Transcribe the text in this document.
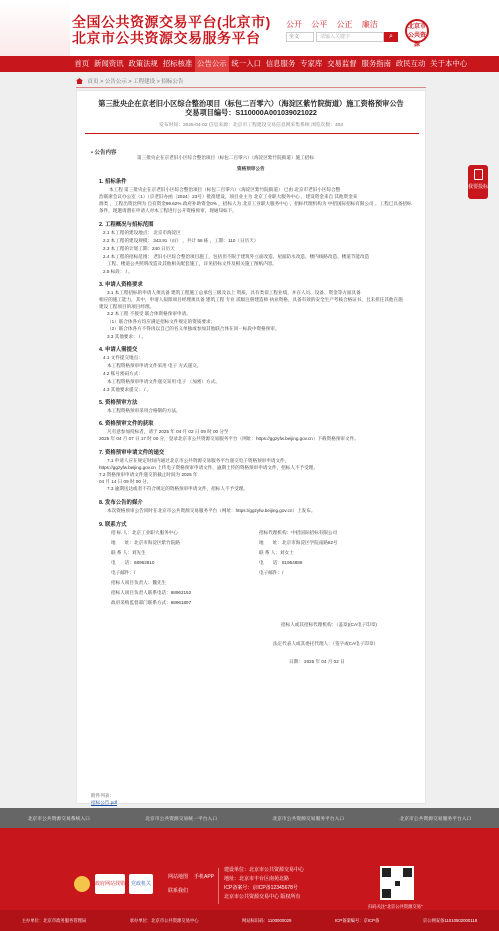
全国公共资源交易平台(北京市)
北京市公共资源交易服务平台
公开 公平 公正 廉洁
全文	请输入关键字	⌕
北京市 公共资源
首页 新闻资讯 政策法规 招标核准 公告公示 统一入口 信息服务 专家库 交易监督 服务指南 政民互动 关于本中心
首页 > 公告公示 > 工程建设 > 招标公告
第三批央企在京老旧小区综合整治项目（标包二百零六）（海淀区紫竹院街道）施工资格预审公告
交易项目编号：S110000A001039021022
发布时间：2025-04-02 信息来源：北京市工程建设交易信息网采集系统 浏览次数：403
• 公告内容
第三批央企在京老旧小区综合整治项目（标包二百零六）（海淀区紫竹院街道）施工招标
资格预审公告
1. 招标条件
本工程 第三批央企在京老旧小区综合整治项目（标包二百零六）（海淀区紫竹院街道） 已由 北京市老旧小区综合整
治联席会议办公室（1）（京老旧办函〔2024〕23号）批准建设，项目业主为 北京工业职大服务中心 ，建设资金来自 其他资金来
源类 ，工程出资比例为 自有资金99.62% 政府补助资金0% ，招标人为 北京工业职大服务中心 ，招标代理机构为 中招国际招标有限公司 。工程已具备招标
条件，现邀请潜在申请人对本工程进行公开资格预审，现通知如下。
2. 工程概况与招标范围
2.1 本工程的建设地点： 北京市海淀区
2.2 本工程的建设规模： 343.91（㎡） ，共计 56 栋 ，工期：110（日历天）
2.3 本工程的计划工期：240 日历天
2.4 本工程的招标范围： 老旧小区综合整治项目施工，包括但不限于建筑外立面改造、屋面防水改造、楼内线路改造、楼道节能改造
工程、楼道公共照明改造及其他相关配套施工，详见招标文件及相关施工图纸内容。
2.5 标段： / 。
3. 申请人资格要求
3.1 本工程招标的申请人须具备 建筑工程施工总承包三级及以上 资质，具有类似工程业绩，并在人员、设备、资金等方面具备
相应的施工能力，其中，申请人拟派项目经理须具备 建筑工程 专业 贰级注册建造师 执业资格，具备有效的安全生产考核合格证书，且未担任其他在施
建设工程项目的项目经理。
3.2 本工程 不接受 联合体资格预审申请。
（1）联合体各方均应满足招标文件规定的资质要求；
（2）联合体各方不得再以自己的名义单独或参加其他联合体在同一标段中资格预审。
3.3 其他要求： / 。
4. 申请人需提交
4.1 文件提交地点：
本工程资格预审申请文件采用 电子 方式递交。
4.2 账号密码方式：
本工程资格预审申请文件递交采用 电子 （加密）方式。
4.3 其他要求提交： / 。
5. 资格预审方法
本工程资格预审采用合格制的方法。
6. 资格预审文件的获取
凡有意参加投标者，请于 2025 年 04 月 02 日 09 时 00 分至
2025 年 04 月 07 日 17 时 00 分，登录北京市公共资源交易服务平台（网址：https://ggzyfw.beijing.gov.cn）下载资格预审文件。
7. 资格预审申请文件的递交
7.1 申请人应在规定时间内通过北京市公共资源交易服务平台递交电子资格预审申请文件，
https://ggzyfw.beijing.gov.cn 上传电子资格预审申请文件，逾期上传的资格预审申请文件，招标人不予受理。
7.2 资格预审申请文件递交的截止时间为 2025 年
04 月 14 日 09 时 00 分。
7.3 逾期送达或者不符合规定的资格预审申请文件，招标人不予受理。
8. 发布公告的媒介
本次资格预审公告同时在北京市公共资源交易服务平台（网址：https://ggzyfw.beijing.gov.cn）上发布。
9. 联系方式
招 标 人：北京工业职大服务中心	招标代理机构：中招国际招标有限公司
地　　址：北京市海淀区紫竹院路	地　　址：北京市海淀区学院南路62号
联 系 人：刘先生	联 系 人：刘女士
电　　话：68962810	电　　话：81954886
电子邮件：/	电子邮件：/
招标人项目负责人：魏先生
招标人项目负责人联系电话：68962152
政府采购监督部门联系方式：68961897
招标人或其招标代理机构：（盖章)(CA电子印章)
法定代表人或其委托代理人：（签字或CA电子印章）
日期： 2025 年 04 月 02 日
附件列表：
招标公告.pdf
我要投标
北京市公共资源交易系统入口	北京市公共资源交易统一平台入口	北京市公共资源交易服务平台入口	北京市公共资源交易服务平台入口
政府网站找错	党政机关
网站地图
联系我们
手机APP
建设单位：北京市公共资源交易中心
地址：北京市丰台区南苑北路
ICP备案号：京ICP备12345678号
北京市公共资源交易中心 版权所有
扫码关注“北京公共资源交易”
主办单位：北京市政务服务管理局	承办单位：北京市公共资源交易中心	网站标识码：1100000029	ICP备案编号：京ICP备	京公网安备11010502000118
